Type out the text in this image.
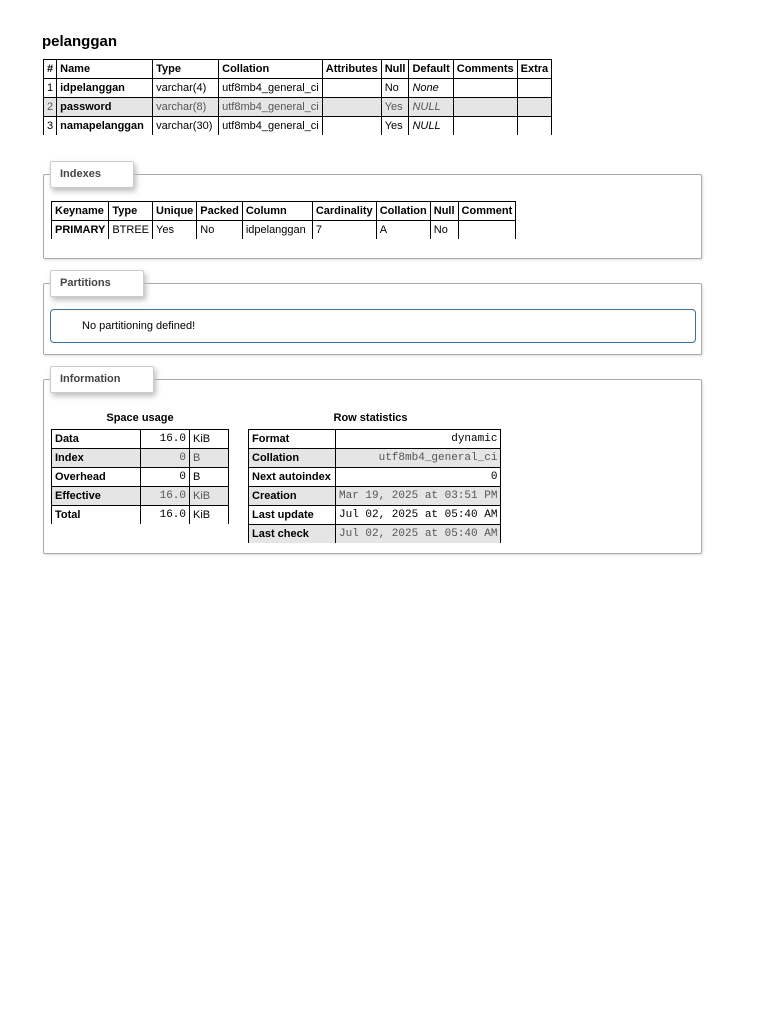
pelanggan
#	Name	Type	Collation	Attributes	Null	Default	Comments	Extra
1	idpelanggan	varchar(4)	utf8mb4_general_ci		No	None		
2	password	varchar(8)	utf8mb4_general_ci		Yes	NULL		
3	namapelanggan	varchar(30)	utf8mb4_general_ci		Yes	NULL		
Indexes
Keyname	Type	Unique	Packed	Column	Cardinality	Collation	Null	Comment
PRIMARY	BTREE	Yes	No	idpelanggan	7	A	No	
Partitions
No partitioning defined!
Information
Space usage
Data	16.0	KiB
Index	0	B
Overhead	0	B
Effective	16.0	KiB
Total	16.0	KiB
Row statistics
Format	dynamic
Collation	utf8mb4_general_ci
Next autoindex	0
Creation	Mar 19, 2025 at 03:51 PM
Last update	Jul 02, 2025 at 05:40 AM
Last check	Jul 02, 2025 at 05:40 AM
